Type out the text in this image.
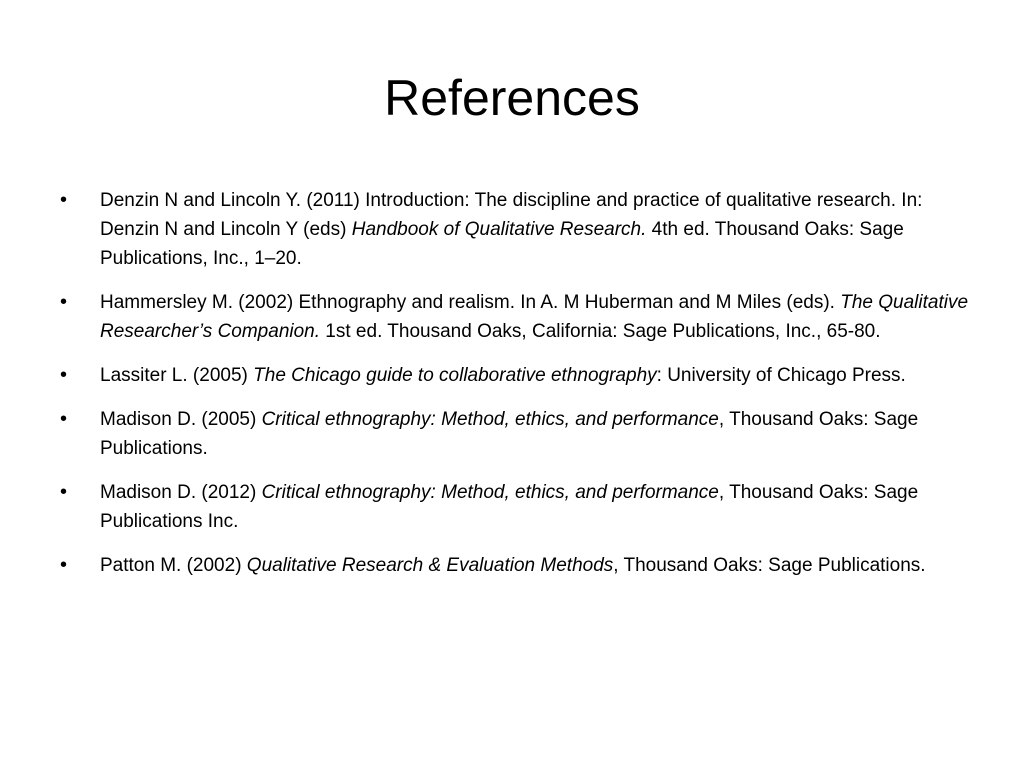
References
•	Denzin N and Lincoln Y. (2011) Introduction: The discipline and practice of qualitative research. In: Denzin N and Lincoln Y (eds) Handbook of Qualitative Research. 4th ed. Thousand Oaks: Sage Publications, Inc., 1–20.
•	Hammersley M. (2002) Ethnography and realism. In A. M Huberman and M Miles (eds). The Qualitative Researcher’s Companion. 1st ed. Thousand Oaks, California: Sage Publications, Inc., 65-80.
•	Lassiter L. (2005) The Chicago guide to collaborative ethnography: University of Chicago Press.
•	Madison D. (2005) Critical ethnography: Method, ethics, and performance, Thousand Oaks: Sage Publications.
•	Madison D. (2012) Critical ethnography: Method, ethics, and performance, Thousand Oaks: Sage Publications Inc.
•	Patton M. (2002) Qualitative Research & Evaluation Methods, Thousand Oaks: Sage Publications.
